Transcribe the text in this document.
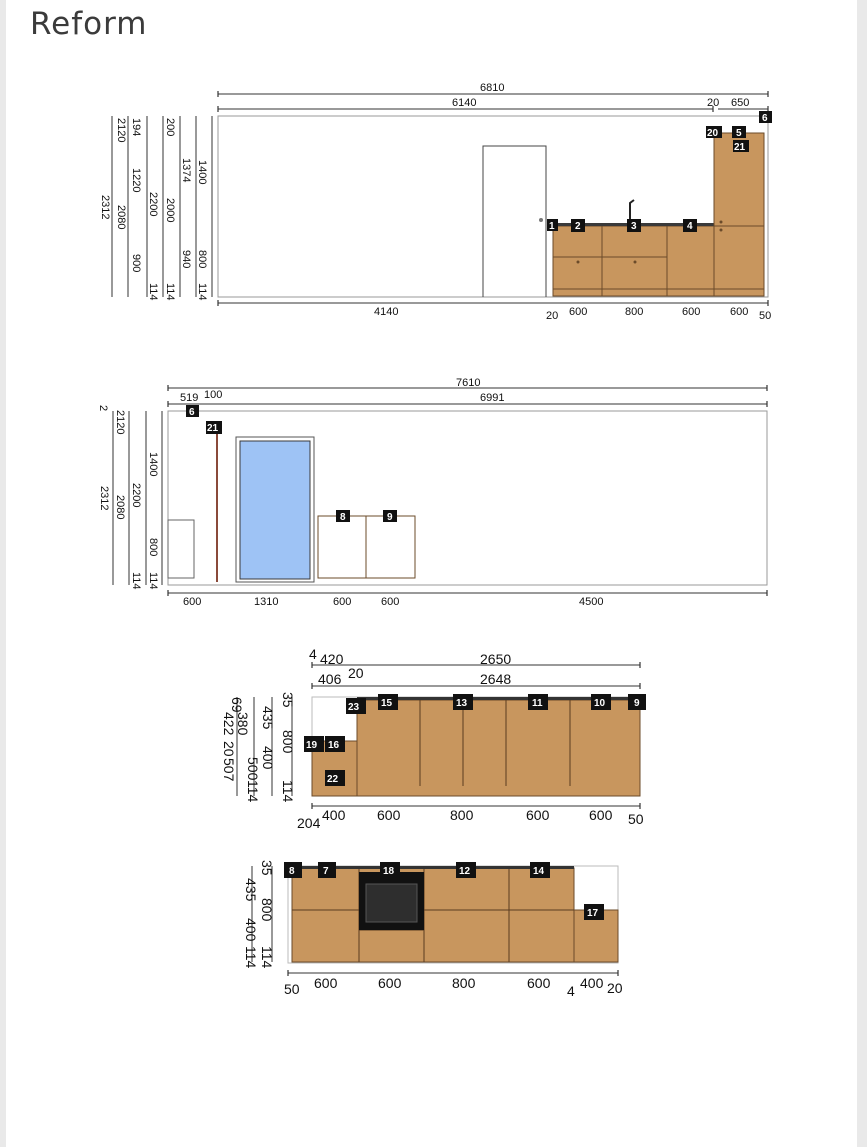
Reform
6810
6140	20 650
2312 2080
2120 194
1220
900
2200 2000
200
114
1374
940
1400
800
114 114
4140	20 600	800	600	600 50
1 2	3	4
5
6
20
21
7610
519 100	6991
2
2120
2312 2080 2200
1400
800
114 114
600	1310	600	600	4500
6
21
8	9
4 420	2650
406 20	2648
69
422
20
380
507
435
400
500
35
800
114 114
204 400 600	800	600	600 50
23 15	13	11	10	9
19 16
22
35
435
800
400
114
114
50 600	600	800	600 4 400 20
8	7	18	12	14
17
